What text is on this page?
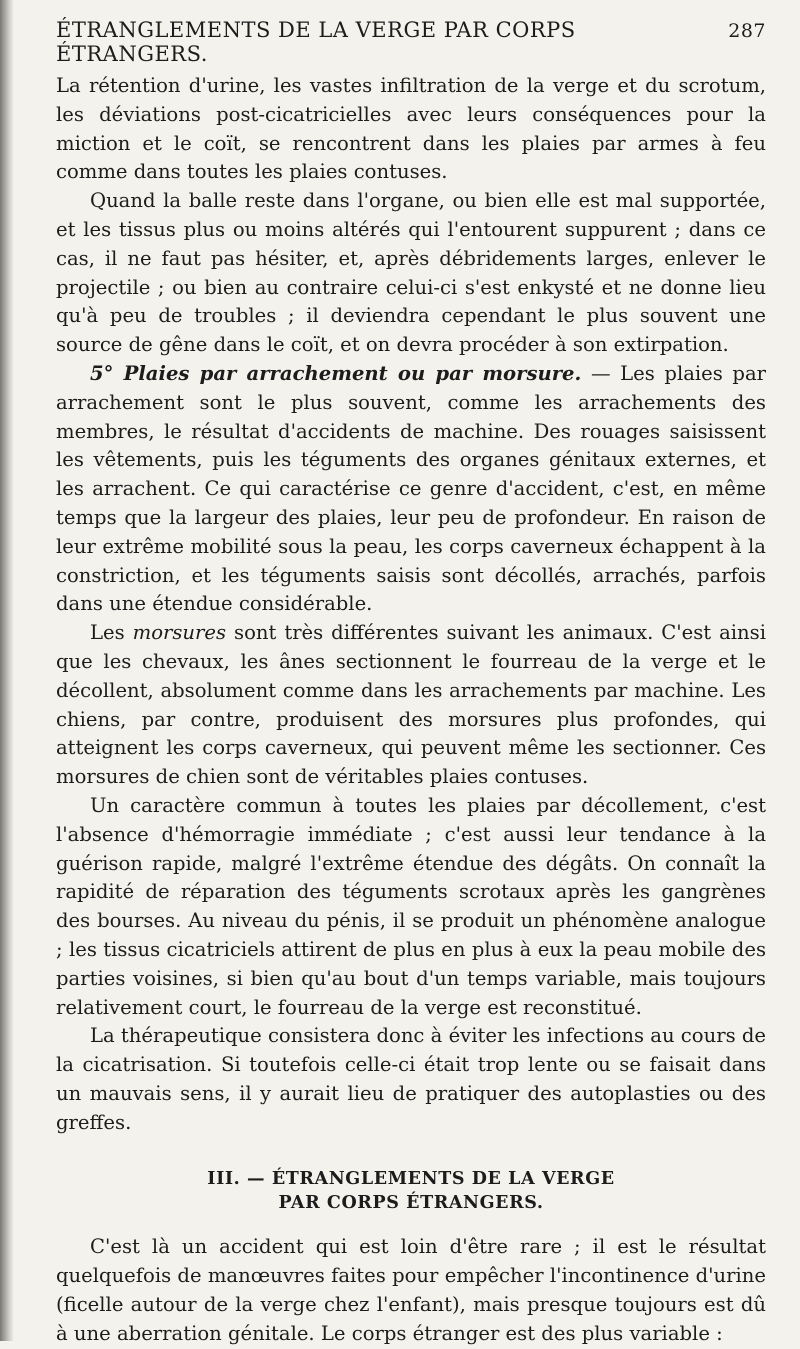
ÉTRANGLEMENTS DE LA VERGE PAR CORPS ÉTRANGERS.
287

La rétention d'urine, les vastes infiltration de la verge et du scrotum, les déviations post-cicatricielles avec leurs conséquences pour la miction et le coït, se rencontrent dans les plaies par armes à feu comme dans toutes les plaies contuses.

Quand la balle reste dans l'organe, ou bien elle est mal supportée, et les tissus plus ou moins altérés qui l'entourent suppurent ; dans ce cas, il ne faut pas hésiter, et, après débridements larges, enlever le projectile ; ou bien au contraire celui-ci s'est enkysté et ne donne lieu qu'à peu de troubles ; il deviendra cependant le plus souvent une source de gêne dans le coït, et on devra procéder à son extirpation.

5° Plaies par arrachement ou par morsure. — Les plaies par arrachement sont le plus souvent, comme les arrachements des membres, le résultat d'accidents de machine. Des rouages saisissent les vêtements, puis les téguments des organes génitaux externes, et les arrachent. Ce qui caractérise ce genre d'accident, c'est, en même temps que la largeur des plaies, leur peu de profondeur. En raison de leur extrême mobilité sous la peau, les corps caverneux échappent à la constriction, et les téguments saisis sont décollés, arrachés, parfois dans une étendue considérable.

Les morsures sont très différentes suivant les animaux. C'est ainsi que les chevaux, les ânes sectionnent le fourreau de la verge et le décollent, absolument comme dans les arrachements par machine. Les chiens, par contre, produisent des morsures plus profondes, qui atteignent les corps caverneux, qui peuvent même les sectionner. Ces morsures de chien sont de véritables plaies contuses.

Un caractère commun à toutes les plaies par décollement, c'est l'absence d'hémorragie immédiate ; c'est aussi leur tendance à la guérison rapide, malgré l'extrême étendue des dégâts. On connaît la rapidité de réparation des téguments scrotaux après les gangrènes des bourses. Au niveau du pénis, il se produit un phénomène analogue ; les tissus cicatriciels attirent de plus en plus à eux la peau mobile des parties voisines, si bien qu'au bout d'un temps variable, mais toujours relativement court, le fourreau de la verge est reconstitué.

La thérapeutique consistera donc à éviter les infections au cours de la cicatrisation. Si toutefois celle-ci était trop lente ou se faisait dans un mauvais sens, il y aurait lieu de pratiquer des autoplasties ou des greffes.

III. — ÉTRANGLEMENTS DE LA VERGE
PAR CORPS ÉTRANGERS.

C'est là un accident qui est loin d'être rare ; il est le résultat quelquefois de manœuvres faites pour empêcher l'incontinence d'urine (ficelle autour de la verge chez l'enfant), mais presque toujours est dû à une aberration génitale. Le corps étranger est des plus variable :
